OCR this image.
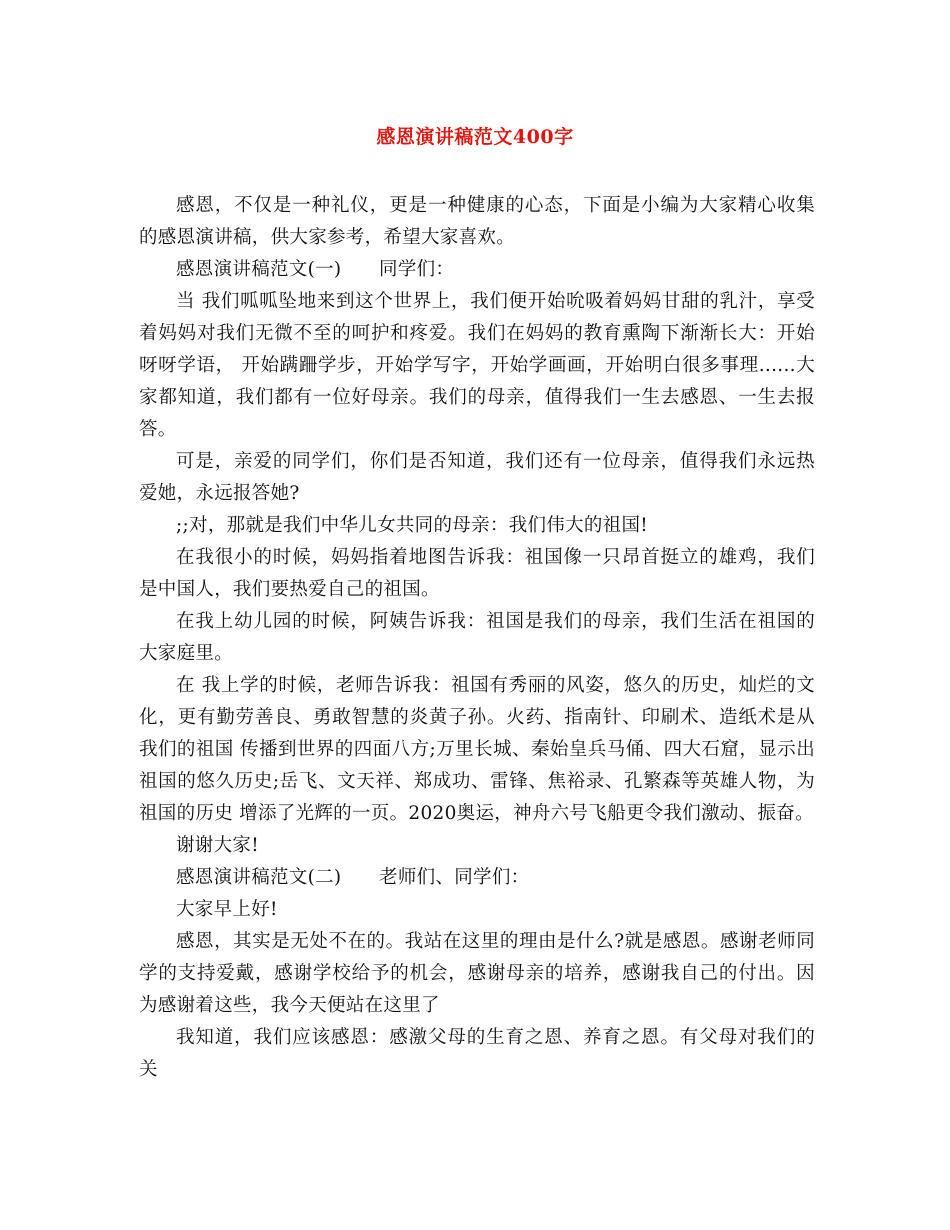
感恩演讲稿范文400字

感恩，不仅是一种礼仪，更是一种健康的心态，下面是小编为大家精心收集的感恩演讲稿，供大家参考，希望大家喜欢。

感恩演讲稿范文(一)　　同学们：

当 我们呱呱坠地来到这个世界上，我们便开始吮吸着妈妈甘甜的乳汁，享受着妈妈对我们无微不至的呵护和疼爱。我们在妈妈的教育熏陶下渐渐长大：开始呀呀学语， 开始蹒跚学步，开始学写字，开始学画画，开始明白很多事理......大家都知道，我们都有一位好母亲。我们的母亲，值得我们一生去感恩、一生去报答。

可是，亲爱的同学们，你们是否知道，我们还有一位母亲，值得我们永远热爱她，永远报答她?

;;对，那就是我们中华儿女共同的母亲：我们伟大的祖国!

在我很小的时候，妈妈指着地图告诉我：祖国像一只昂首挺立的雄鸡，我们是中国人，我们要热爱自己的祖国。

在我上幼儿园的时候，阿姨告诉我：祖国是我们的母亲，我们生活在祖国的大家庭里。

在 我上学的时候，老师告诉我：祖国有秀丽的风姿，悠久的历史，灿烂的文化，更有勤劳善良、勇敢智慧的炎黄子孙。火药、指南针、印刷术、造纸术是从我们的祖国 传播到世界的四面八方;万里长城、秦始皇兵马俑、四大石窟，显示出祖国的悠久历史;岳飞、文天祥、郑成功、雷锋、焦裕录、孔繁森等英雄人物，为祖国的历史 增添了光辉的一页。2020奥运，神舟六号飞船更令我们激动、振奋。

谢谢大家!

感恩演讲稿范文(二)　　老师们、同学们：

大家早上好!

感恩，其实是无处不在的。我站在这里的理由是什么?就是感恩。感谢老师同学的支持爱戴，感谢学校给予的机会，感谢母亲的培养，感谢我自己的付出。因为感谢着这些，我今天便站在这里了

我知道，我们应该感恩：感激父母的生育之恩、养育之恩。有父母对我们的关
